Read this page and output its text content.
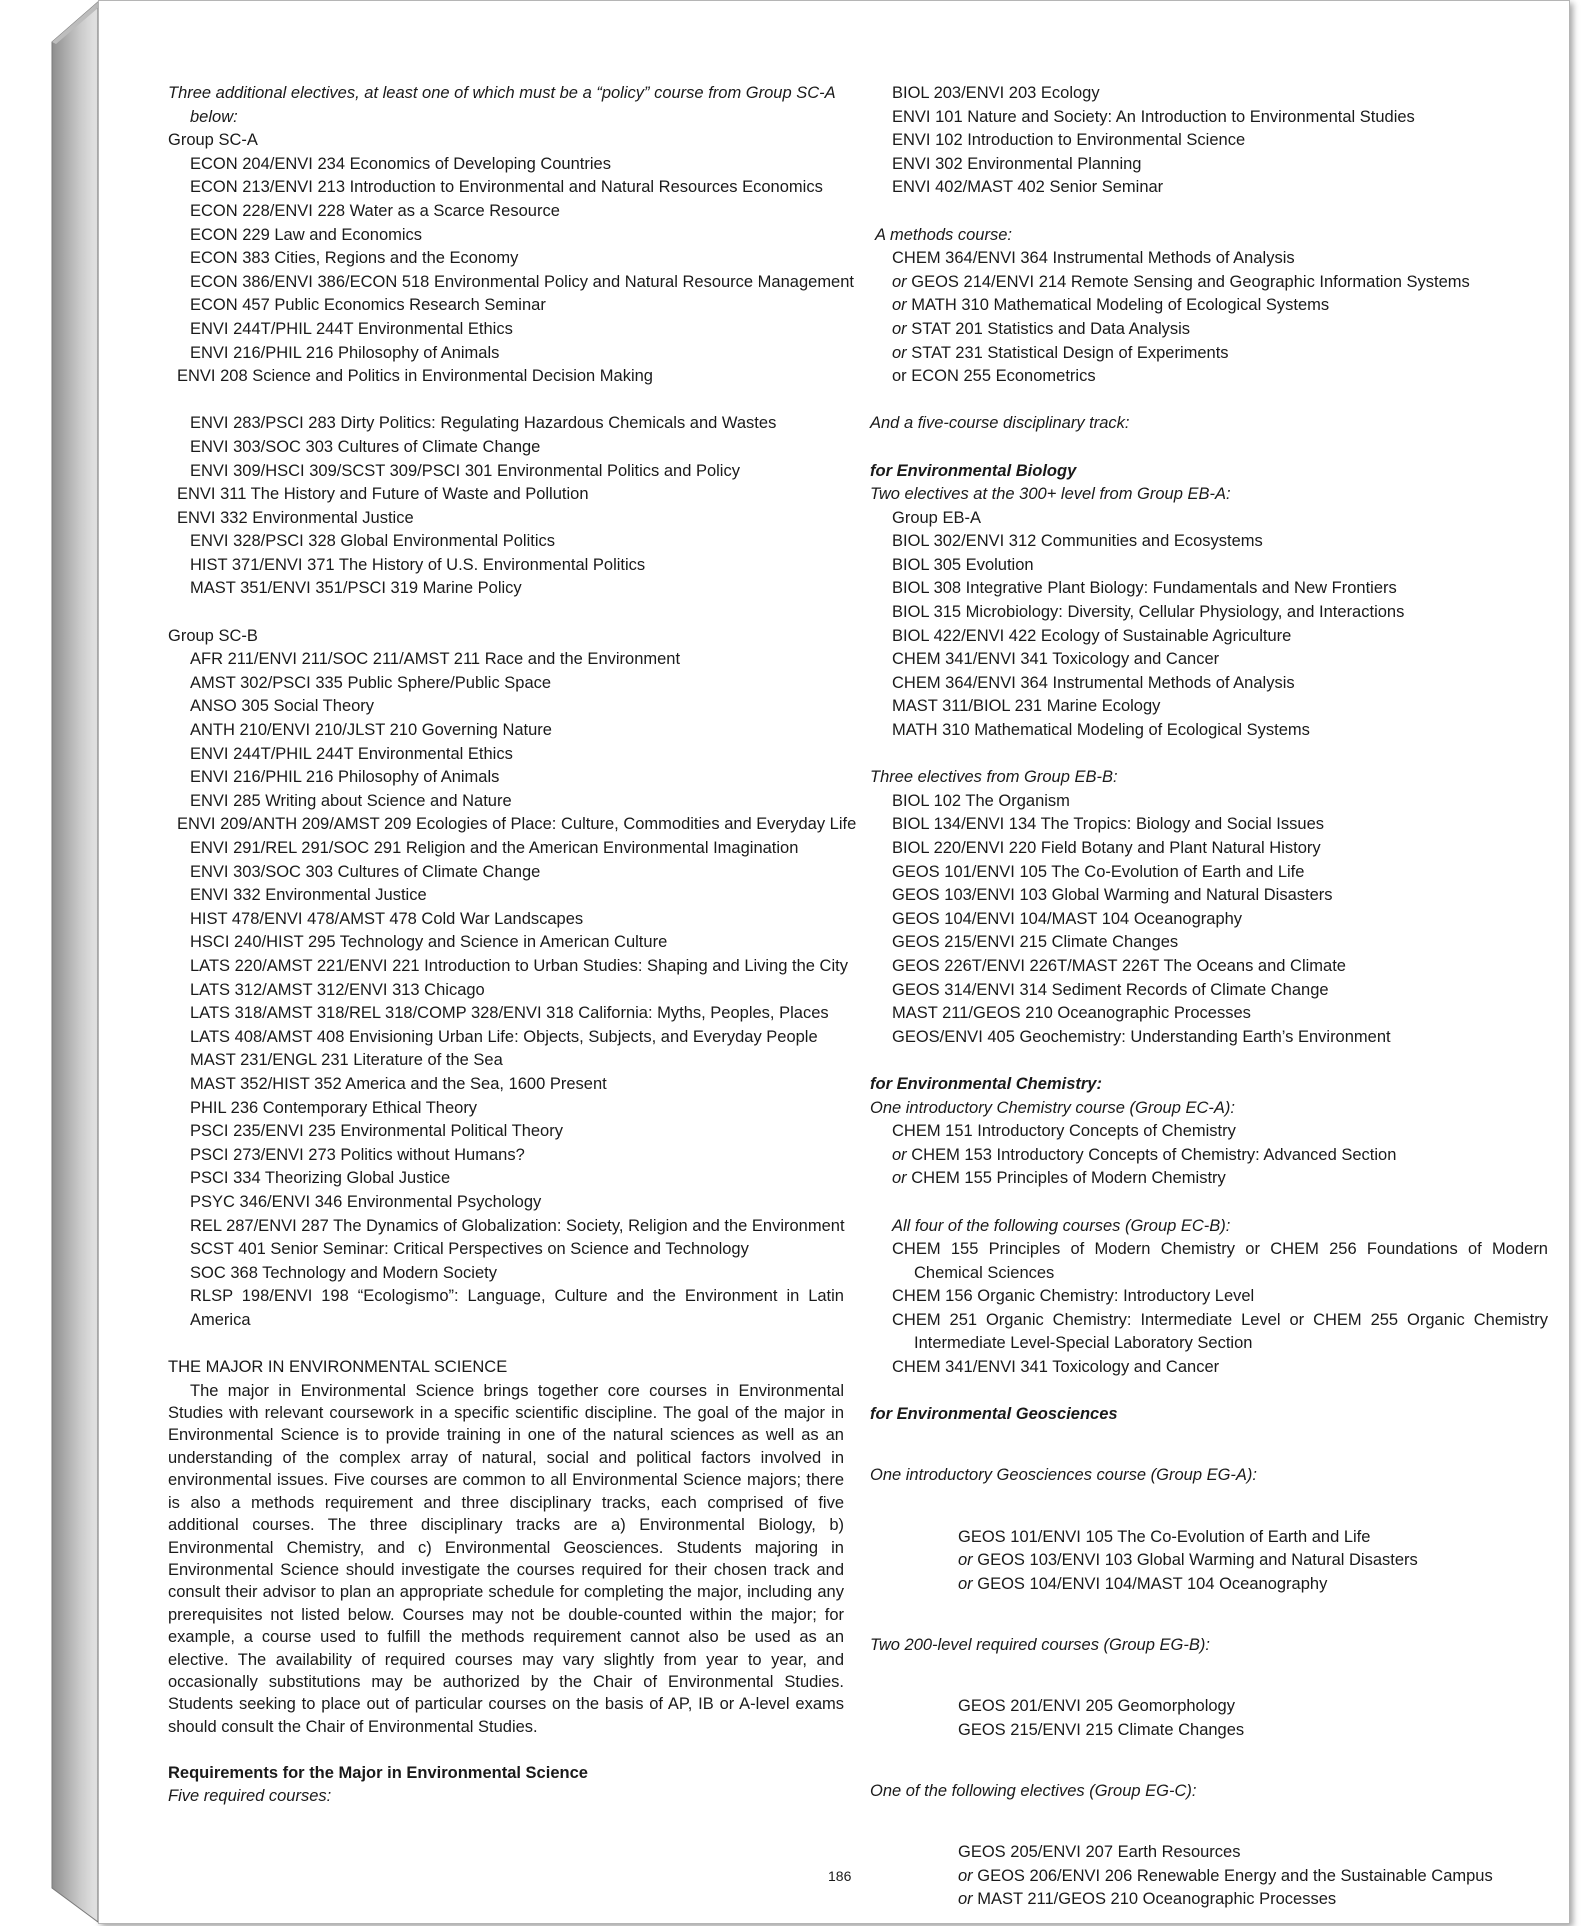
Three additional electives, at least one of which must be a “policy” course from Group SC-A
below:
Group SC-A
ECON 204/ENVI 234 Economics of Developing Countries
ECON 213/ENVI 213 Introduction to Environmental and Natural Resources Economics
ECON 228/ENVI 228 Water as a Scarce Resource
ECON 229 Law and Economics
ECON 383 Cities, Regions and the Economy
ECON 386/ENVI 386/ECON 518 Environmental Policy and Natural Resource Management
ECON 457 Public Economics Research Seminar
ENVI 244T/PHIL 244T Environmental Ethics
ENVI 216/PHIL 216 Philosophy of Animals
ENVI 208 Science and Politics in Environmental Decision Making
ENVI 283/PSCI 283 Dirty Politics: Regulating Hazardous Chemicals and Wastes
ENVI 303/SOC 303 Cultures of Climate Change
ENVI 309/HSCI 309/SCST 309/PSCI 301 Environmental Politics and Policy
ENVI 311 The History and Future of Waste and Pollution
ENVI 332 Environmental Justice
ENVI 328/PSCI 328 Global Environmental Politics
HIST 371/ENVI 371 The History of U.S. Environmental Politics
MAST 351/ENVI 351/PSCI 319 Marine Policy
Group SC-B
AFR 211/ENVI 211/SOC 211/AMST 211 Race and the Environment
AMST 302/PSCI 335 Public Sphere/Public Space
ANSO 305 Social Theory
ANTH 210/ENVI 210/JLST 210 Governing Nature
ENVI 244T/PHIL 244T Environmental Ethics
ENVI 216/PHIL 216 Philosophy of Animals
ENVI 285 Writing about Science and Nature
ENVI 209/ANTH 209/AMST 209 Ecologies of Place: Culture, Commodities and Everyday Life
ENVI 291/REL 291/SOC 291 Religion and the American Environmental Imagination
ENVI 303/SOC 303 Cultures of Climate Change
ENVI 332 Environmental Justice
HIST 478/ENVI 478/AMST 478 Cold War Landscapes
HSCI 240/HIST 295 Technology and Science in American Culture
LATS 220/AMST 221/ENVI 221 Introduction to Urban Studies: Shaping and Living the City
LATS 312/AMST 312/ENVI 313 Chicago
LATS 318/AMST 318/REL 318/COMP 328/ENVI 318 California: Myths, Peoples, Places
LATS 408/AMST 408 Envisioning Urban Life: Objects, Subjects, and Everyday People
MAST 231/ENGL 231 Literature of the Sea
MAST 352/HIST 352 America and the Sea, 1600 Present
PHIL 236 Contemporary Ethical Theory
PSCI 235/ENVI 235 Environmental Political Theory
PSCI 273/ENVI 273 Politics without Humans?
PSCI 334 Theorizing Global Justice
PSYC 346/ENVI 346 Environmental Psychology
REL 287/ENVI 287 The Dynamics of Globalization: Society, Religion and the Environment
SCST 401 Senior Seminar: Critical Perspectives on Science and Technology
SOC 368 Technology and Modern Society
RLSP 198/ENVI 198 “Ecologismo”: Language, Culture and the Environment in Latin America
THE MAJOR IN ENVIRONMENTAL SCIENCE
The major in Environmental Science brings together core courses in Environmental Studies with relevant coursework in a specific scientific discipline. The goal of the major in Environmental Science is to provide training in one of the natural sciences as well as an understanding of the complex array of natural, social and political factors involved in environmental issues. Five courses are common to all Environmental Science majors; there is also a methods requirement and three disciplinary tracks, each comprised of five additional courses. The three disciplinary tracks are a) Environmental Biology, b) Environmental Chemistry, and c) Environmental Geosciences. Students majoring in Environmental Science should investigate the courses required for their chosen track and consult their advisor to plan an appropriate schedule for completing the major, including any prerequisites not listed below. Courses may not be double-counted within the major; for example, a course used to fulfill the methods requirement cannot also be used as an elective. The availability of required courses may vary slightly from year to year, and occasionally substitutions may be authorized by the Chair of Environmental Studies. Students seeking to place out of particular courses on the basis of AP, IB or A-level exams should consult the Chair of Environmental Studies.
Requirements for the Major in Environmental Science
Five required courses:
BIOL 203/ENVI 203 Ecology
ENVI 101 Nature and Society: An Introduction to Environmental Studies
ENVI 102 Introduction to Environmental Science
ENVI 302 Environmental Planning
ENVI 402/MAST 402 Senior Seminar
A methods course:
CHEM 364/ENVI 364 Instrumental Methods of Analysis
or GEOS 214/ENVI 214 Remote Sensing and Geographic Information Systems
or MATH 310 Mathematical Modeling of Ecological Systems
or STAT 201 Statistics and Data Analysis
or STAT 231 Statistical Design of Experiments
or ECON 255 Econometrics
And a five-course disciplinary track:
for Environmental Biology
Two electives at the 300+ level from Group EB-A:
Group EB-A
BIOL 302/ENVI 312 Communities and Ecosystems
BIOL 305 Evolution
BIOL 308 Integrative Plant Biology: Fundamentals and New Frontiers
BIOL 315 Microbiology: Diversity, Cellular Physiology, and Interactions
BIOL 422/ENVI 422 Ecology of Sustainable Agriculture
CHEM 341/ENVI 341 Toxicology and Cancer
CHEM 364/ENVI 364 Instrumental Methods of Analysis
MAST 311/BIOL 231 Marine Ecology
MATH 310 Mathematical Modeling of Ecological Systems
Three electives from Group EB-B:
BIOL 102 The Organism
BIOL 134/ENVI 134 The Tropics: Biology and Social Issues
BIOL 220/ENVI 220 Field Botany and Plant Natural History
GEOS 101/ENVI 105 The Co-Evolution of Earth and Life
GEOS 103/ENVI 103 Global Warming and Natural Disasters
GEOS 104/ENVI 104/MAST 104 Oceanography
GEOS 215/ENVI 215 Climate Changes
GEOS 226T/ENVI 226T/MAST 226T The Oceans and Climate
GEOS 314/ENVI 314 Sediment Records of Climate Change
MAST 211/GEOS 210 Oceanographic Processes
GEOS/ENVI 405 Geochemistry: Understanding Earth’s Environment
for Environmental Chemistry:
One introductory Chemistry course (Group EC-A):
CHEM 151 Introductory Concepts of Chemistry
or CHEM 153 Introductory Concepts of Chemistry: Advanced Section
or CHEM 155 Principles of Modern Chemistry
All four of the following courses (Group EC-B):
CHEM 155 Principles of Modern Chemistry or CHEM 256 Foundations of Modern Chemical Sciences
CHEM 156 Organic Chemistry: Introductory Level
CHEM 251 Organic Chemistry: Intermediate Level or CHEM 255 Organic Chemistry Intermediate Level-Special Laboratory Section
CHEM 341/ENVI 341 Toxicology and Cancer
for Environmental Geosciences
One introductory Geosciences course (Group EG-A):
GEOS 101/ENVI 105 The Co-Evolution of Earth and Life
or GEOS 103/ENVI 103 Global Warming and Natural Disasters
or GEOS 104/ENVI 104/MAST 104 Oceanography
Two 200-level required courses (Group EG-B):
GEOS 201/ENVI 205 Geomorphology
GEOS 215/ENVI 215 Climate Changes
One of the following electives (Group EG-C):
GEOS 205/ENVI 207 Earth Resources
or GEOS 206/ENVI 206 Renewable Energy and the Sustainable Campus
or MAST 211/GEOS 210 Oceanographic Processes
186
